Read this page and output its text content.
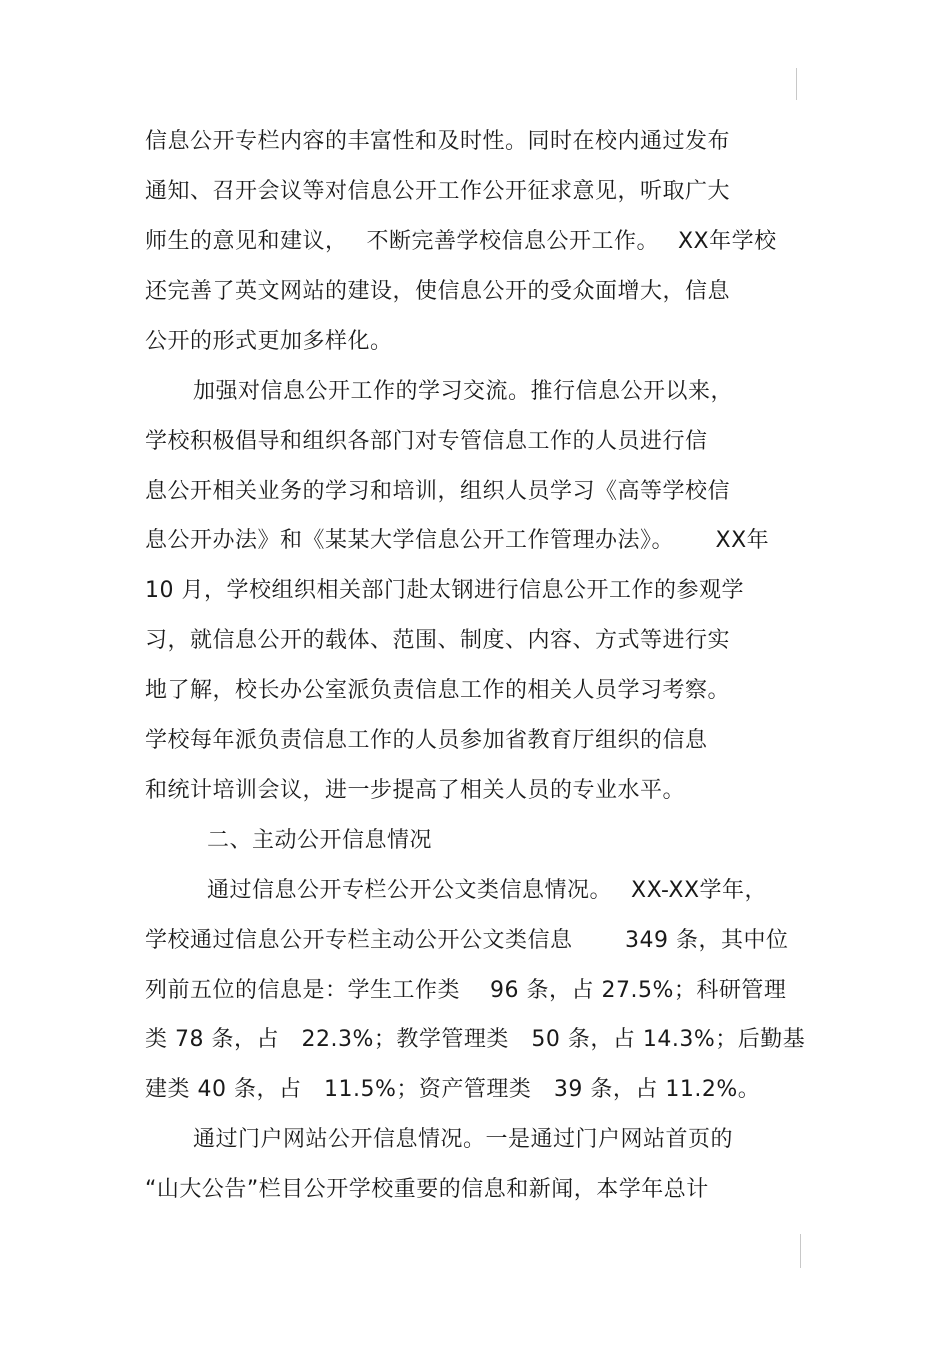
信息公开专栏内容的丰富性和及时性。同时在校内通过发布
通知、召开会议等对信息公开工作公开征求意见，听取广大
师生的意见和建议，　 不断完善学校信息公开工作。　 XX年学校
还完善了英文网站的建设，使信息公开的受众面增大，信息
公开的形式更加多样化。
加强对信息公开工作的学习交流。推行信息公开以来，
学校积极倡导和组织各部门对专管信息工作的人员进行信
息公开相关业务的学习和培训，组织人员学习《高等学校信
息公开办法》和《某某大学信息公开工作管理办法》。　　 XX年
10 月，学校组织相关部门赴太钢进行信息公开工作的参观学
习，就信息公开的载体、范围、制度、内容、方式等进行实
地了解，校长办公室派负责信息工作的相关人员学习考察。
学校每年派负责信息工作的人员参加省教育厅组织的信息
和统计培训会议，进一步提高了相关人员的专业水平。
二、主动公开信息情况
通过信息公开专栏公开公文类信息情况。　 XX-XX学年，
学校通过信息公开专栏主动公开公文类信息　　 349 条，其中位
列前五位的信息是：学生工作类　 96 条，占 27.5%；科研管理
类 78 条，占　22.3%；教学管理类　50 条，占 14.3%；后勤基
建类 40 条，占　11.5%；资产管理类　39 条，占 11.2%。
通过门户网站公开信息情况。一是通过门户网站首页的
“山大公告”栏目公开学校重要的信息和新闻，本学年总计
